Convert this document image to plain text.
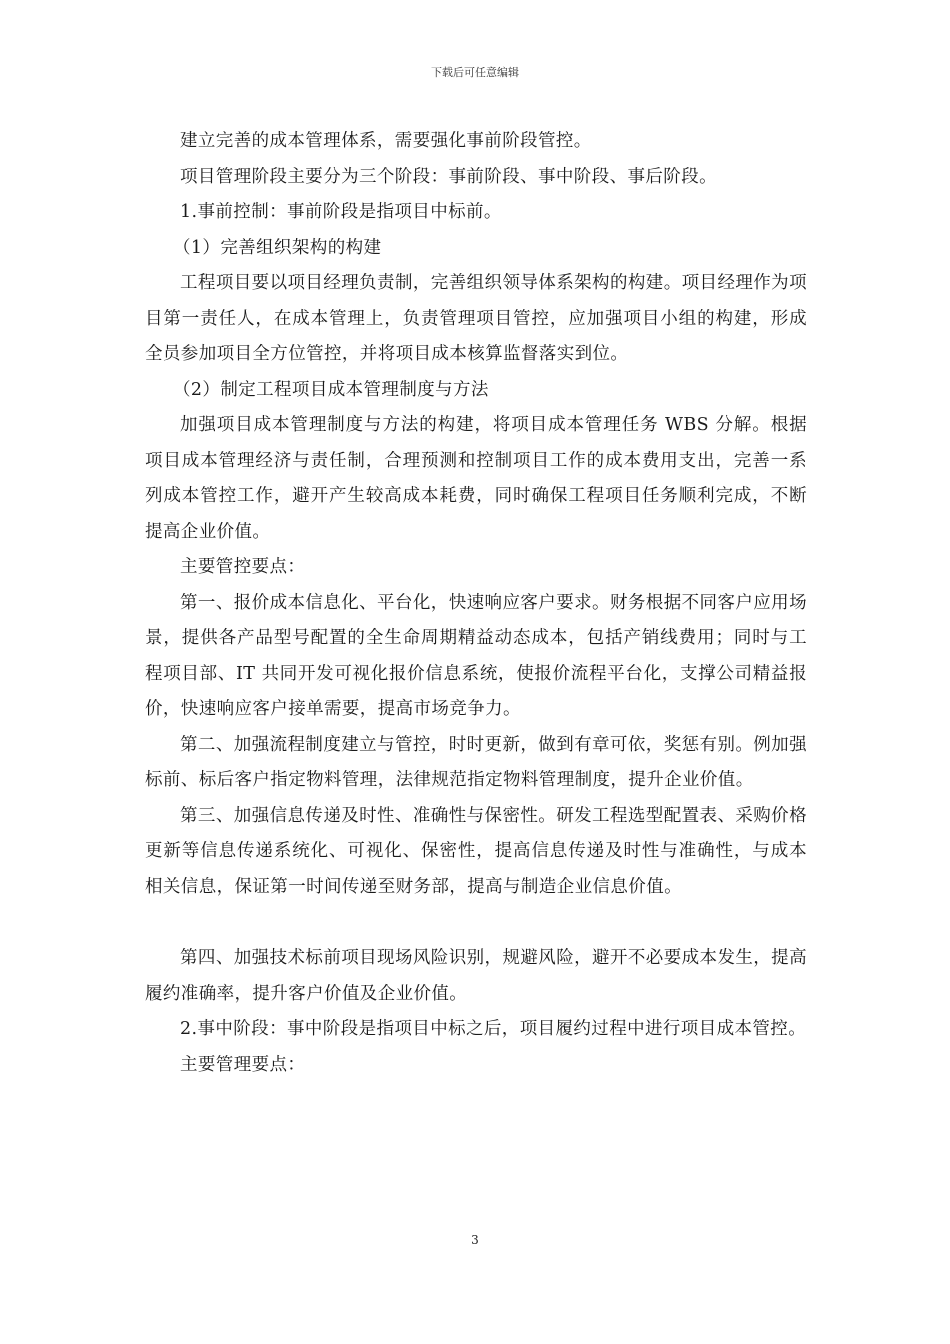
下载后可任意编辑

建立完善的成本管理体系，需要强化事前阶段管控。

项目管理阶段主要分为三个阶段：事前阶段、事中阶段、事后阶段。

1.事前控制：事前阶段是指项目中标前。

（1）完善组织架构的构建

工程项目要以项目经理负责制，完善组织领导体系架构的构建。项目经理作为项目第一责任人，在成本管理上，负责管理项目管控，应加强项目小组的构建，形成全员参加项目全方位管控，并将项目成本核算监督落实到位。

（2）制定工程项目成本管理制度与方法

加强项目成本管理制度与方法的构建，将项目成本管理任务 WBS 分解。根据项目成本管理经济与责任制，合理预测和控制项目工作的成本费用支出，完善一系列成本管控工作，避开产生较高成本耗费，同时确保工程项目任务顺利完成，不断提高企业价值。

主要管控要点：

第一、报价成本信息化、平台化，快速响应客户要求。财务根据不同客户应用场景，提供各产品型号配置的全生命周期精益动态成本，包括产销线费用；同时与工程项目部、IT 共同开发可视化报价信息系统，使报价流程平台化，支撑公司精益报价，快速响应客户接单需要，提高市场竞争力。

第二、加强流程制度建立与管控，时时更新，做到有章可依，奖惩有别。例加强标前、标后客户指定物料管理，法律规范指定物料管理制度，提升企业价值。

第三、加强信息传递及时性、准确性与保密性。研发工程选型配置表、采购价格更新等信息传递系统化、可视化、保密性，提高信息传递及时性与准确性，与成本相关信息，保证第一时间传递至财务部，提高与制造企业信息价值。

第四、加强技术标前项目现场风险识别，规避风险，避开不必要成本发生，提高履约准确率，提升客户价值及企业价值。

2.事中阶段：事中阶段是指项目中标之后，项目履约过程中进行项目成本管控。

主要管理要点：

3
